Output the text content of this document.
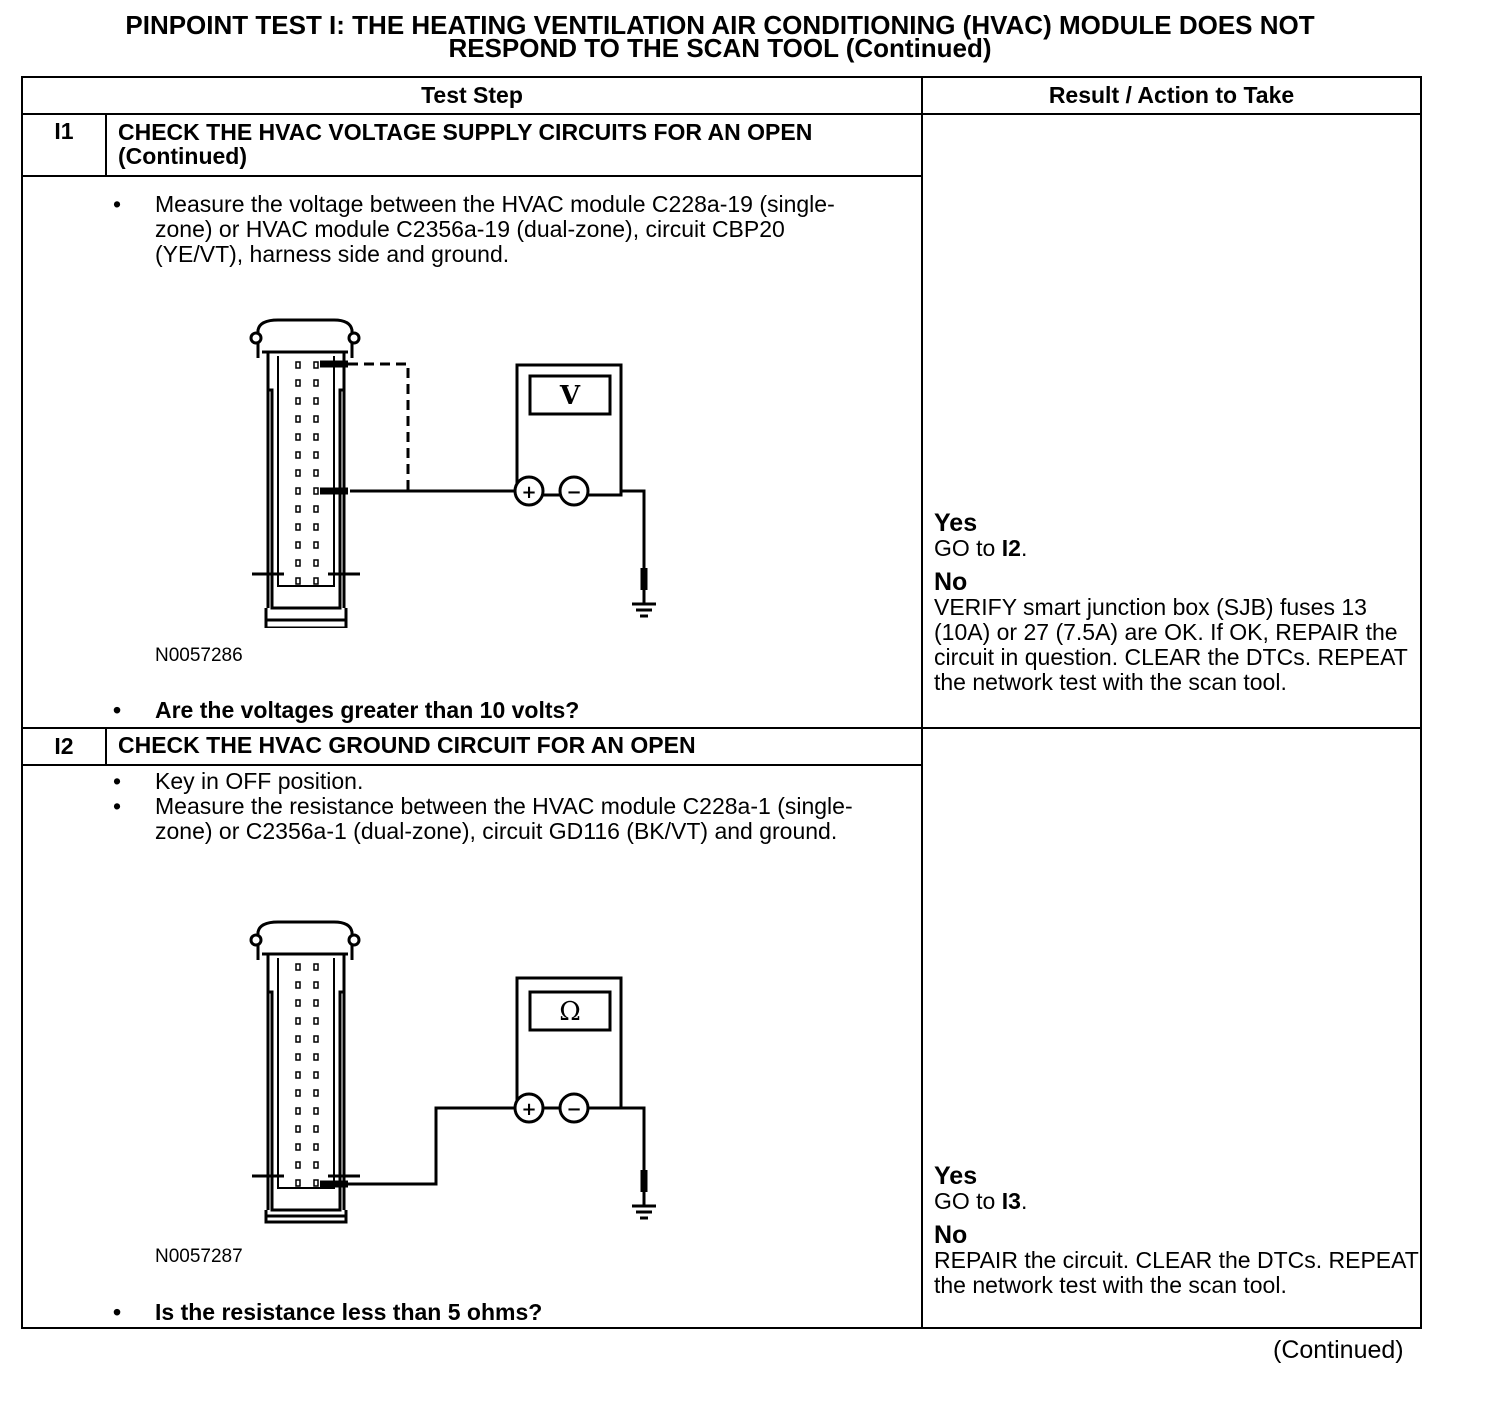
PINPOINT TEST I: THE HEATING VENTILATION AIR CONDITIONING (HVAC) MODULE DOES NOT
RESPOND TO THE SCAN TOOL (Continued)
Test Step	Result / Action to Take
I1	CHECK THE HVAC VOLTAGE SUPPLY CIRCUITS FOR AN OPEN (Continued)
•	Measure the voltage between the HVAC module C228a-19 (single-zone) or HVAC module C2356a-19 (dual-zone), circuit CBP20 (YE/VT), harness side and ground.
V
+ −
N0057286
•	Are the voltages greater than 10 volts?
Yes
GO to I2.
No
VERIFY smart junction box (SJB) fuses 13 (10A) or 27 (7.5A) are OK. If OK, REPAIR the circuit in question. CLEAR the DTCs. REPEAT the network test with the scan tool.
I2	CHECK THE HVAC GROUND CIRCUIT FOR AN OPEN
•	Key in OFF position.
•	Measure the resistance between the HVAC module C228a-1 (single-zone) or C2356a-1 (dual-zone), circuit GD116 (BK/VT) and ground.
Ω
+ −
N0057287
•	Is the resistance less than 5 ohms?
Yes
GO to I3.
No
REPAIR the circuit. CLEAR the DTCs. REPEAT the network test with the scan tool.
(Continued)
